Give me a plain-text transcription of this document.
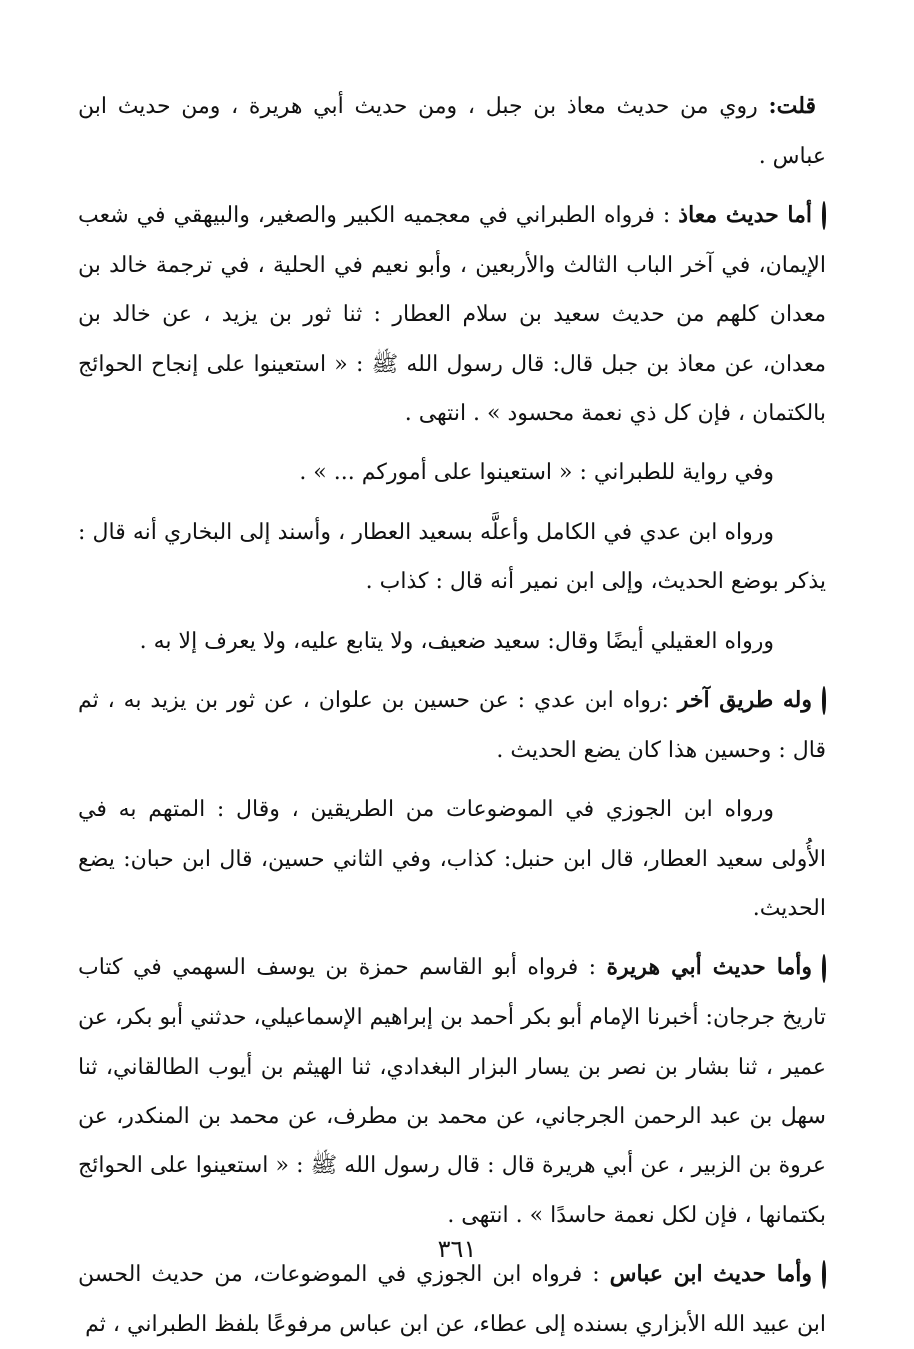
قلت: روي من حديث معاذ بن جبل ، ومن حديث أبي هريرة ، ومن حديث ابن عباس .

أما حديث معاذ : فرواه الطبراني في معجميه الكبير والصغير، والبيهقي في شعب الإيمان، في آخر الباب الثالث والأربعين ، وأبو نعيم في الحلية ، في ترجمة خالد بن معدان كلهم من حديث سعيد بن سلام العطار : ثنا ثور بن يزيد ، عن خالد بن معدان، عن معاذ بن جبل قال: قال رسول الله ﷺ : « استعينوا على إنجاح الحوائج بالكتمان ، فإن كل ذي نعمة محسود » . انتهى .

وفي رواية للطبراني : « استعينوا على أموركم ... » .

ورواه ابن عدي في الكامل وأعلَّه بسعيد العطار ، وأسند إلى البخاري أنه قال : يذكر بوضع الحديث، وإلى ابن نمير أنه قال : كذاب .

ورواه العقيلي أيضًا وقال: سعيد ضعيف، ولا يتابع عليه، ولا يعرف إلا به .

وله طريق آخر :رواه ابن عدي : عن حسين بن علوان ، عن ثور بن يزيد به ، ثم قال : وحسين هذا كان يضع الحديث .

ورواه ابن الجوزي في الموضوعات من الطريقين ، وقال : المتهم به في الأُولى سعيد العطار، قال ابن حنبل: كذاب، وفي الثاني حسين، قال ابن حبان: يضع الحديث.

وأما حديث أبي هريرة : فرواه أبو القاسم حمزة بن يوسف السهمي في كتاب تاريخ جرجان: أخبرنا الإمام أبو بكر أحمد بن إبراهيم الإسماعيلي، حدثني أبو بكر، عن عمير ، ثنا بشار بن نصر بن يسار البزار البغدادي، ثنا الهيثم بن أيوب الطالقاني، ثنا سهل بن عبد الرحمن الجرجاني، عن محمد بن مطرف، عن محمد بن المنكدر، عن عروة بن الزبير ، عن أبي هريرة قال : قال رسول الله ﷺ : « استعينوا على الحوائج بكتمانها ، فإن لكل نعمة حاسدًا » . انتهى .

وأما حديث ابن عباس : فرواه ابن الجوزي في الموضوعات، من حديث الحسن ابن عبيد الله الأبزاري بسنده إلى عطاء، عن ابن عباس مرفوعًا بلفظ الطبراني ، ثم

٣٦١
